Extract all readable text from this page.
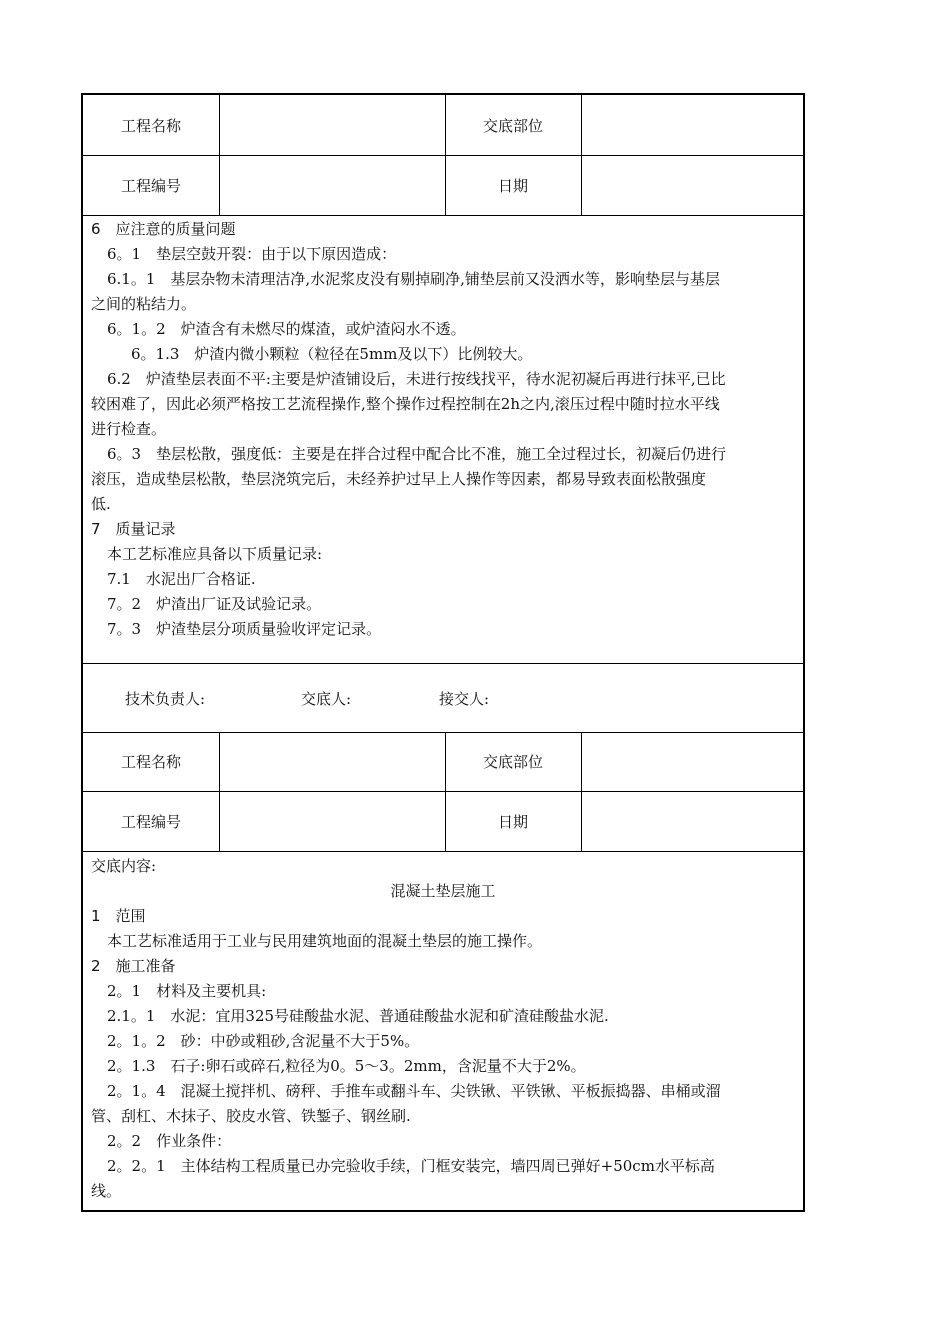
工程名称	交底部位
工程编号	日期

6　应注意的质量问题

6。1　垫层空鼓开裂：由于以下原因造成：

6.1。1　基层杂物未清理洁净,水泥浆皮没有剔掉刷净,铺垫层前又没洒水等，影响垫层与基层

之间的粘结力。

6。1。2　炉渣含有未燃尽的煤渣，或炉渣闷水不透。

6。1.3　炉渣内微小颗粒（粒径在5mm及以下）比例较大。

6.2　炉渣垫层表面不平:主要是炉渣铺设后，未进行按线找平，待水泥初凝后再进行抹平,已比

较困难了，因此必须严格按工艺流程操作,整个操作过程控制在2h之内,滚压过程中随时拉水平线

进行检查。

6。3　垫层松散，强度低：主要是在拌合过程中配合比不准，施工全过程过长，初凝后仍进行

滚压，造成垫层松散，垫层浇筑完后，未经养护过早上人操作等因素，都易导致表面松散强度

低.

7　质量记录

本工艺标准应具备以下质量记录:

7.1　水泥出厂合格证.

7。2　炉渣出厂证及试验记录。

7。3　炉渣垫层分项质量验收评定记录。

技术负责人:	交底人:	接交人:
工程名称	交底部位
工程编号	日期

交底内容:

混凝土垫层施工

1　范围

本工艺标准适用于工业与民用建筑地面的混凝土垫层的施工操作。

2　施工准备

2。1　材料及主要机具:

2.1。1　水泥：宜用325号硅酸盐水泥、普通硅酸盐水泥和矿渣硅酸盐水泥.

2。1。2　砂：中砂或粗砂,含泥量不大于5%。

2。1.3　石子:卵石或碎石,粒径为0。5～3。2mm，含泥量不大于2%。

2。1。4　混凝土搅拌机、磅秤、手推车或翻斗车、尖铁锹、平铁锹、平板振捣器、串桶或溜

管、刮杠、木抹子、胶皮水管、铁錾子、钢丝刷.

2。2　作业条件：

2。2。1　主体结构工程质量已办完验收手续，门框安装完，墙四周已弹好+50cm水平标高

线。
